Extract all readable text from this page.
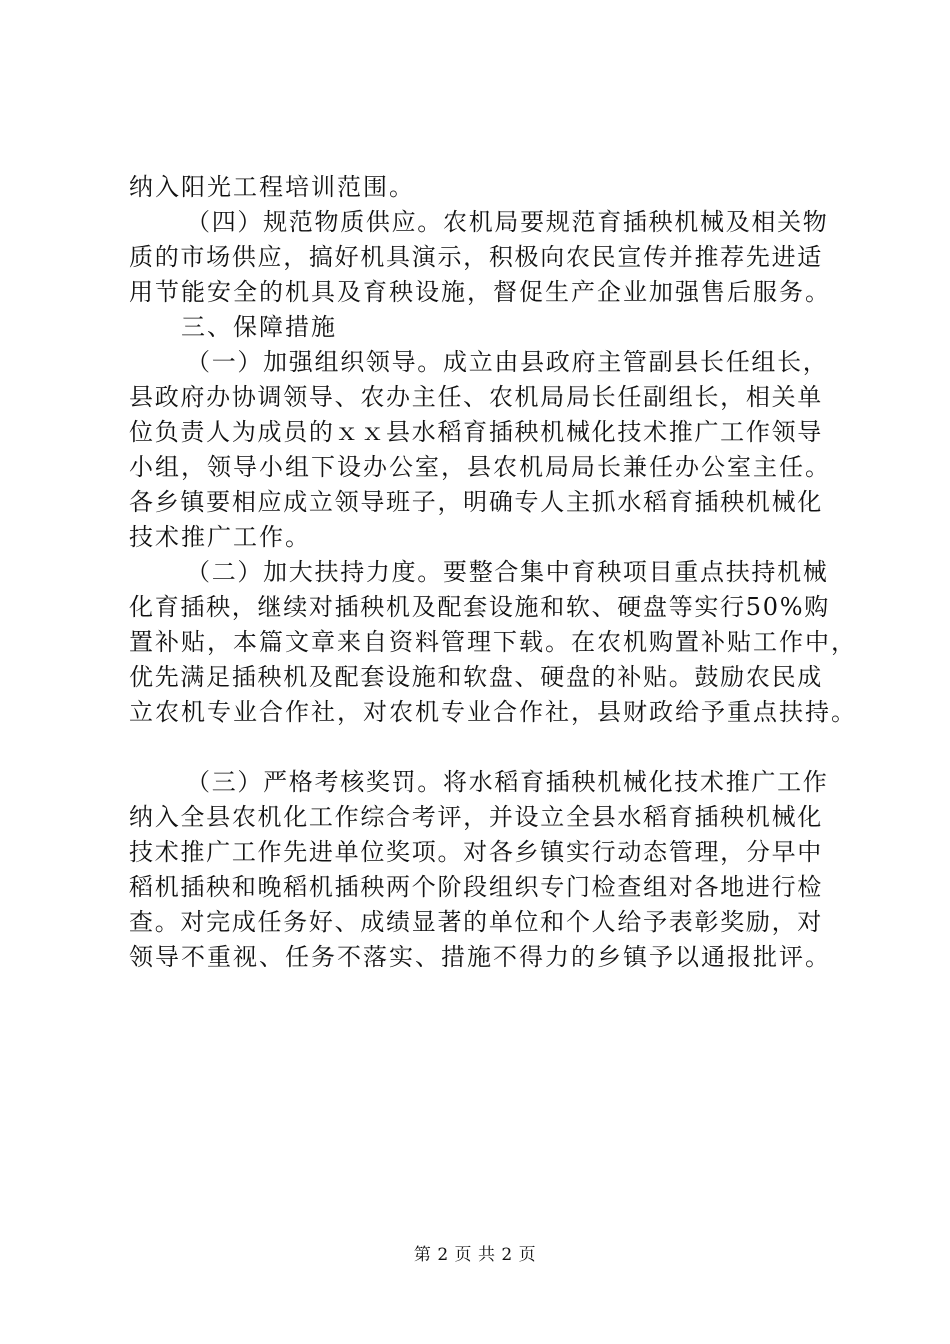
纳入阳光工程培训范围。
（四）规范物质供应。农机局要规范育插秧机械及相关物
质的市场供应，搞好机具演示，积极向农民宣传并推荐先进适
用节能安全的机具及育秧设施，督促生产企业加强售后服务。
三、保障措施
（一）加强组织领导。成立由县政府主管副县长任组长，
县政府办协调领导、农办主任、农机局局长任副组长，相关单
位负责人为成员的ｘｘ县水稻育插秧机械化技术推广工作领导
小组，领导小组下设办公室，县农机局局长兼任办公室主任。
各乡镇要相应成立领导班子，明确专人主抓水稻育插秧机械化
技术推广工作。
（二）加大扶持力度。要整合集中育秧项目重点扶持机械
化育插秧，继续对插秧机及配套设施和软、硬盘等实行50%购
置补贴，本篇文章来自资料管理下载。在农机购置补贴工作中，
优先满足插秧机及配套设施和软盘、硬盘的补贴。鼓励农民成
立农机专业合作社，对农机专业合作社，县财政给予重点扶持。
（三）严格考核奖罚。将水稻育插秧机械化技术推广工作
纳入全县农机化工作综合考评，并设立全县水稻育插秧机械化
技术推广工作先进单位奖项。对各乡镇实行动态管理，分早中
稻机插秧和晚稻机插秧两个阶段组织专门检查组对各地进行检
查。对完成任务好、成绩显著的单位和个人给予表彰奖励，对
领导不重视、任务不落实、措施不得力的乡镇予以通报批评。
第 2 页 共 2 页
